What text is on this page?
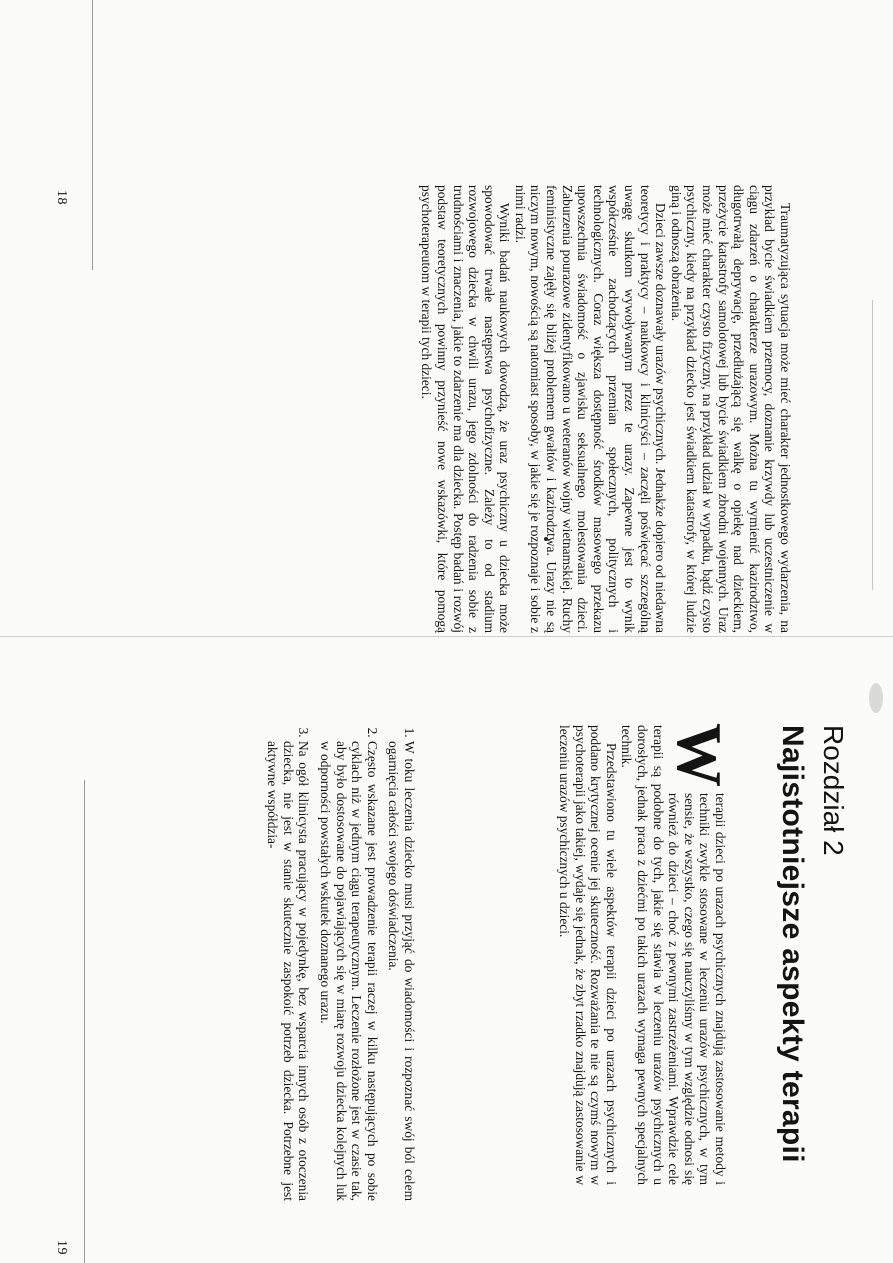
Traumatyzująca sytuacja może mieć charakter jednostkowego wydarzenia, na przykład bycie świadkiem przemocy, doznanie krzywdy lub uczestniczenie w ciągu zdarzeń o charakterze urazowym. Można tu wymienić kazirodztwo, długotrwałą deprywację, przedłużającą się walkę o opiekę nad dzieckiem, przeżycie katastrofy samolotowej lub bycie świadkiem zbrodni wojennych. Uraz może mieć charakter czysto fizyczny, na przykład udział w wypadku, bądź czysto psychiczny, kiedy na przykład dziecko jest świadkiem katastrofy, w której ludzie giną i odnoszą obrażenia.

Dzieci zawsze doznawały urazów psychicznych. Jednakże dopiero od niedawna teoretycy i praktycy – naukowcy i klinicyści – zaczęli poświęcać szczególną uwagę skutkom wywoływanym przez te urazy. Zapewne jest to wynik współcześnie zachodzących przemian społecznych, politycznych i technologicznych. Coraz większa dostępność środków masowego przekazu upowszechnia świadomość o zjawisku seksualnego molestowania dzieci. Zaburzenia pourazowe zidentyfikowano u weteranów wojny wietnamskiej. Ruchy feministyczne zajęły się bliżej problemem gwałtów i kazirodztwa. Urazy nie są niczym nowym, nowością są natomiast sposoby, w jakie się je rozpoznaje i sobie z nimi radzi.

Wyniki badań naukowych dowodzą, że uraz psychiczny u dziecka może spowodować trwałe następstwa psychofizyczne. Zależy to od stadium rozwojowego dziecka w chwili urazu, jego zdolności do radzenia sobie z trudnościami i znaczenia, jakie to zdarzenie ma dla dziecka. Postęp badań i rozwój podstaw teoretycznych powinny przynieść nowe wskazówki, które pomogą psychoterapeutom w terapii tych dzieci.

18
19
Rozdział 2
Najistotniejsze aspekty terapii

W
terapii dzieci po urazach psychicznych znajdują zastosowanie metody i techniki zwykle stosowane w leczeniu urazów psychicznych, w tym sensie, że wszystko, czego się nauczyliśmy w tym względzie odnosi się również do dzieci – choć z pewnymi zastrzeżeniami. Wprawdzie cele terapii są podobne do tych, jakie się stawia w leczeniu urazów psychicznych u dorosłych, jednak praca z dziećmi po takich urazach wymaga pewnych specjalnych technik.

Przedstawiono tu wiele aspektów terapii dzieci po urazach psychicznych i poddano krytycznej ocenie jej skuteczność. Rozważania te nie są czymś nowym w psychoterapii jako takiej, wydaje się jednak, że zbyt rzadko znajdują zastosowanie w leczeniu urazów psychicznych u dzieci.

1. W toku leczenia dziecko musi przyjąć do wiadomości i rozpoznać swój ból celem ogarnięcia całości swojego doświadczenia.
2. Często wskazane jest prowadzenie terapii raczej w kilku następujących po sobie cyklach niż w jednym ciągu terapeutycznym. Leczenie rozłożone jest w czasie tak, aby było dostosowane do pojawiających się w miarę rozwoju dziecka kolejnych luk w odporności powstałych wskutek doznanego urazu.
3. Na ogół klinicysta pracujący w pojedynkę, bez wsparcia innych osób z otoczenia dziecka, nie jest w stanie skutecznie zaspokoić potrzeb dziecka. Potrzebne jest aktywne współdzia-
